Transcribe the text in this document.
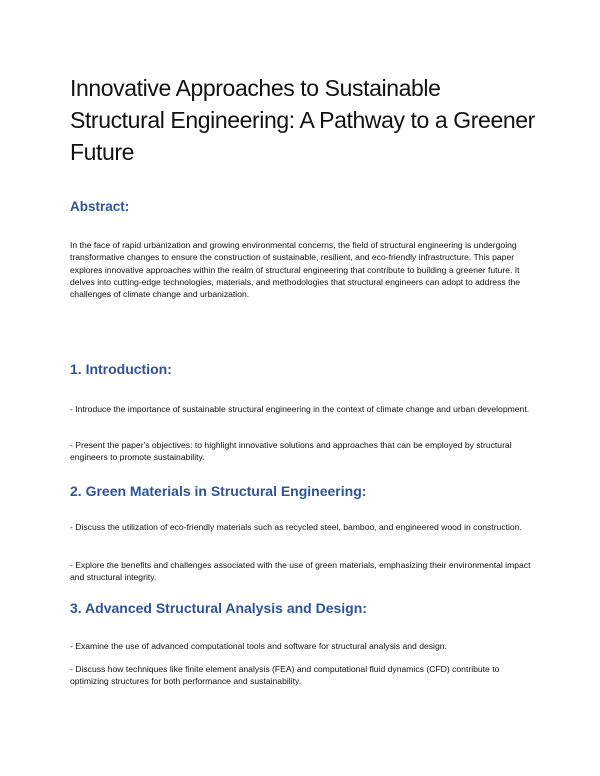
Innovative Approaches to Sustainable Structural Engineering: A Pathway to a Greener Future
Abstract:

In the face of rapid urbanization and growing environmental concerns, the field of structural engineering is undergoing transformative changes to ensure the construction of sustainable, resilient, and eco-friendly infrastructure. This paper explores innovative approaches within the realm of structural engineering that contribute to building a greener future. It delves into cutting-edge technologies, materials, and methodologies that structural engineers can adopt to address the challenges of climate change and urbanization.

1. Introduction:

- Introduce the importance of sustainable structural engineering in the context of climate change and urban development.

- Present the paper's objectives: to highlight innovative solutions and approaches that can be employed by structural engineers to promote sustainability.

2. Green Materials in Structural Engineering:

- Discuss the utilization of eco-friendly materials such as recycled steel, bamboo, and engineered wood in construction.

- Explore the benefits and challenges associated with the use of green materials, emphasizing their environmental impact and structural integrity.

3. Advanced Structural Analysis and Design:

- Examine the use of advanced computational tools and software for structural analysis and design.

- Discuss how techniques like finite element analysis (FEA) and computational fluid dynamics (CFD) contribute to optimizing structures for both performance and sustainability.
